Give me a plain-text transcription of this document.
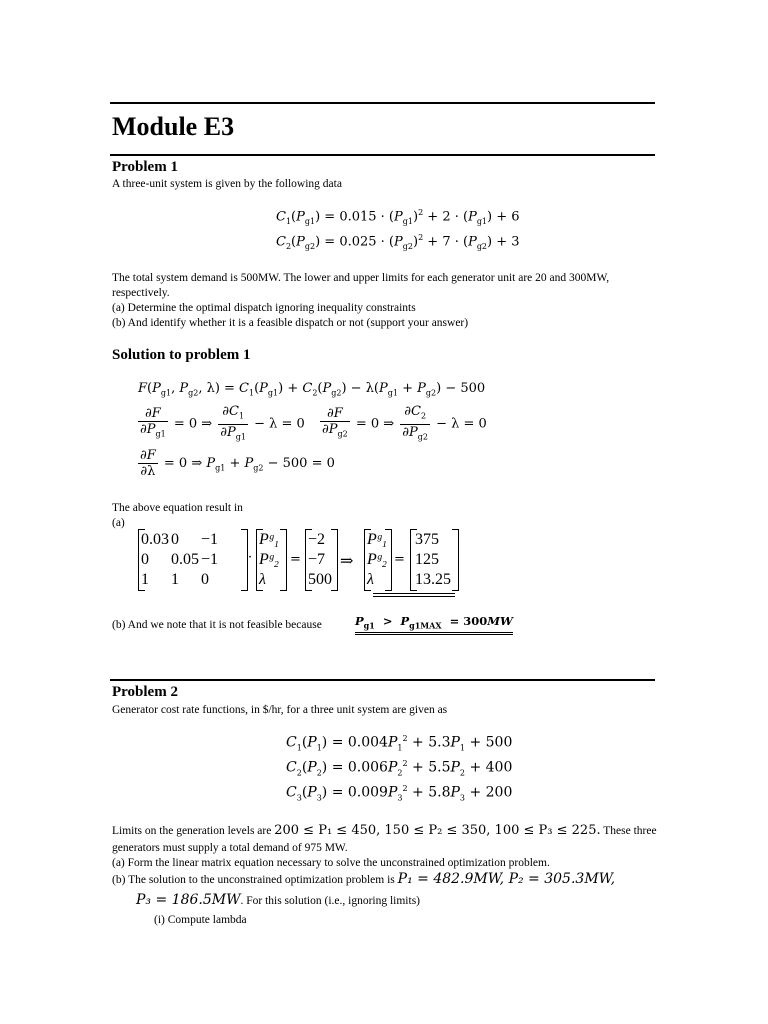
Module E3
Problem 1
A three-unit system is given by the following data
$C_1(P_{g1}) = 0.015 \cdot (P_{g1})^2 + 2 \cdot (P_{g1}) + 6$
$C_2(P_{g2}) = 0.025 \cdot (P_{g2})^2 + 7 \cdot (P_{g2}) + 3$
The total system demand is 500MW. The lower and upper limits for each generator unit are 20 and 300MW, respectively.
(a) Determine the optimal dispatch ignoring inequality constraints
(b) And identify whether it is a feasible dispatch or not (support your answer)
Solution to problem 1
$F(P_{g1}$, $P_{g2}$, $\lambda) = C_1(P_{g1}) + C_2(P_{g2}) - \lambda(P_{g1} + P_{g2}) - 500$
$\frac{\partial F}{\partial P_{g1}} = 0$ ⇒ $\frac{\partial C_1}{\partial P_{g1}} - \lambda = 0 \frac{\partial F}{\partial P_{g2}} = 0$ ⇒ $\frac{\partial C_2}{\partial P_{g2}} - \lambda = 0$
$\frac{\partial F}{\partial\lambda} = 0$ ⇒ $P_{g1} + P_{g2} - 500 = 0$
The above equation result in
(a)
0.03	0	−1
0	0.05	−1
1	1	0
·
Pᵍ₁
Pᵍ₂
λ
=
−2
−7
500
⇒
Pᵍ₁
Pᵍ₂
λ
=
375
125
13.25
(b) And we note that it is not feasible because	$P_{g1} > P_{g1MAX} = 300MW$
Problem 2
Generator cost rate functions, in $/hr, for a three unit system are given as
$C_1(P_1) = 0.004P_1^2 + 5.3P_1 + 500$
$C_2(P_2) = 0.006P_2^2 + 5.5P_2 + 400$
$C_3(P_3) = 0.009P_3^2 + 5.8P_3 + 200$
Limits on the generation levels are 200 ≤ P₁ ≤ 450, 150 ≤ P₂ ≤ 350, 100 ≤ P₃ ≤ 225. These three
generators must supply a total demand of 975 MW.
(a) Form the linear matrix equation necessary to solve the unconstrained optimization problem.
(b) The solution to the unconstrained optimization problem is P₁ = 482.9MW, P₂ = 305.3MW,
P₃ = 186.5MW. For this solution (i.e., ignoring limits)
(i) Compute lambda
